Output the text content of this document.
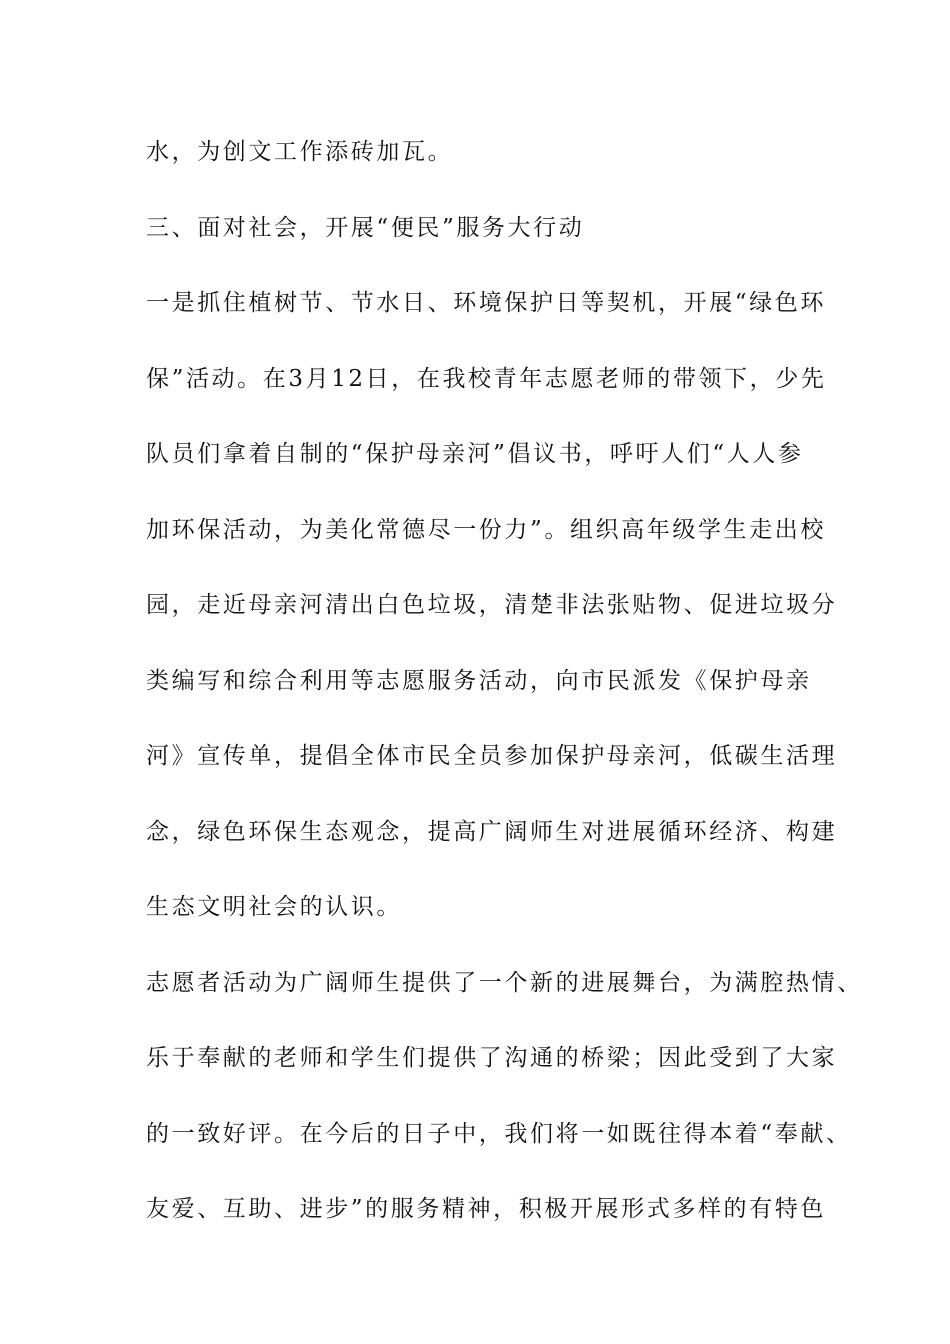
水，为创文工作添砖加瓦。
三、面对社会，开展“便民”服务大行动
一是抓住植树节、节水日、环境保护日等契机，开展“绿色环
保”活动。在3月12日，在我校青年志愿老师的带领下，少先
队员们拿着自制的“保护母亲河”倡议书，呼吁人们“人人参
加环保活动，为美化常德尽一份力”。组织高年级学生走出校
园，走近母亲河清出白色垃圾，清楚非法张贴物、促进垃圾分
类编写和综合利用等志愿服务活动，向市民派发《保护母亲
河》宣传单，提倡全体市民全员参加保护母亲河，低碳生活理
念，绿色环保生态观念，提高广阔师生对进展循环经济、构建
生态文明社会的认识。
志愿者活动为广阔师生提供了一个新的进展舞台，为满腔热情、
乐于奉献的老师和学生们提供了沟通的桥梁；因此受到了大家
的一致好评。在今后的日子中，我们将一如既往得本着“奉献、
友爱、互助、进步”的服务精神，积极开展形式多样的有特色
